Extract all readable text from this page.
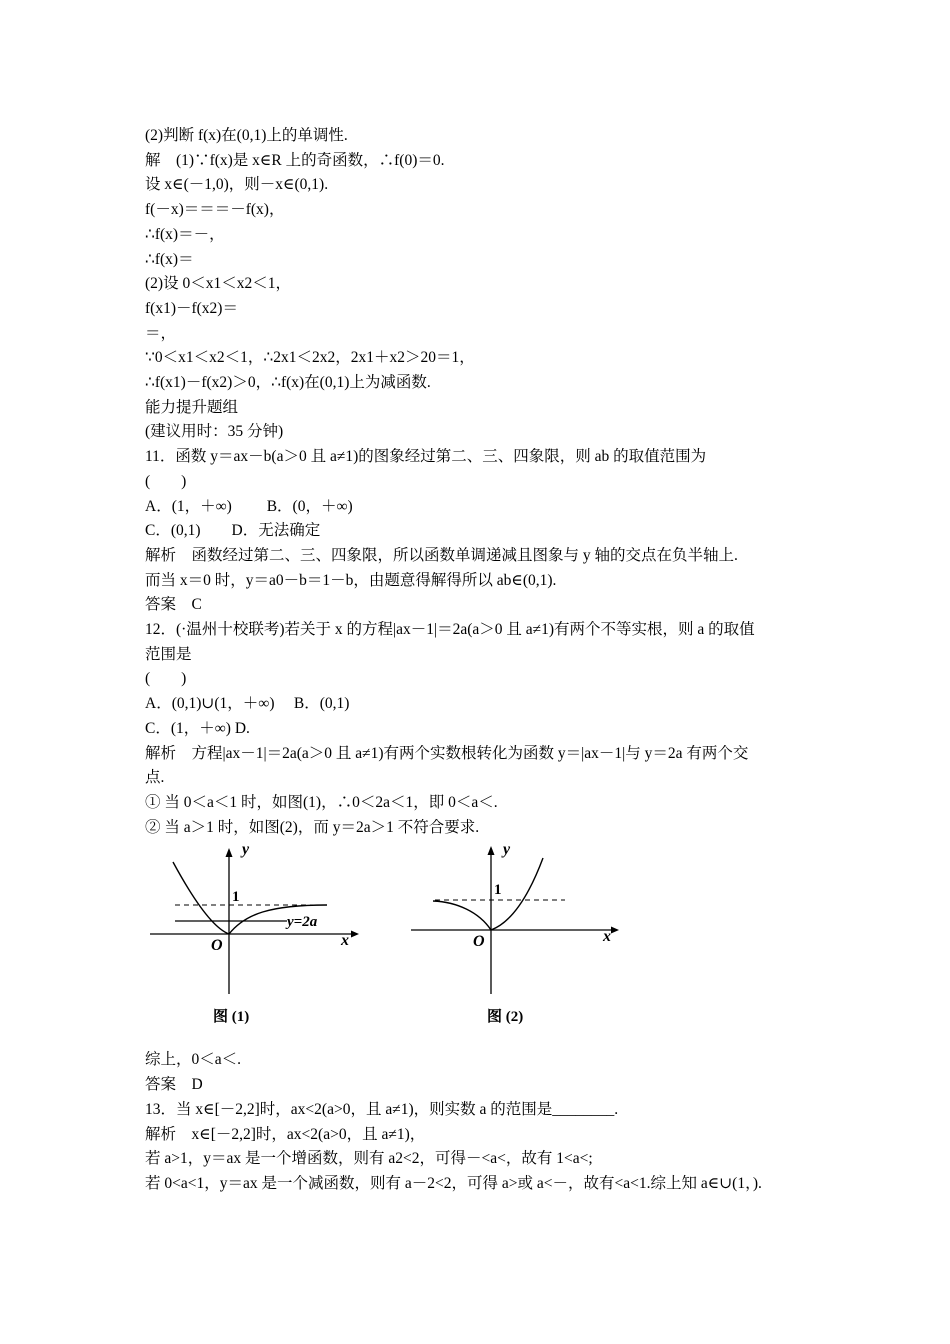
(2)判断 f(x)在(0,1)上的单调性.
解　(1)∵f(x)是 x∈R 上的奇函数，∴f(0)＝0.
设 x∈(－1,0)，则－x∈(0,1).
f(－x)＝＝＝－f(x)，
∴f(x)＝－，
∴f(x)＝
(2)设 0＜x1＜x2＜1，
f(x1)－f(x2)＝
＝，
∵0＜x1＜x2＜1，∴2x1＜2x2，2x1＋x2＞20＝1，
∴f(x1)－f(x2)＞0，∴f(x)在(0,1)上为减函数.
能力提升题组
(建议用时：35 分钟)
11．函数 y＝ax－b(a＞0 且 a≠1)的图象经过第二、三、四象限，则 ab 的取值范围为
(　　)
A．(1，＋∞)　　 B．(0，＋∞)
C．(0,1)　　D．无法确定
解析　函数经过第二、三、四象限，所以函数单调递减且图象与 y 轴的交点在负半轴上.
而当 x＝0 时，y＝a0－b＝1－b，由题意得解得所以 ab∈(0,1).
答案　C
12．(·温州十校联考)若关于 x 的方程|ax－1|＝2a(a＞0 且 a≠1)有两个不等实根，则 a 的取值
范围是
(　　)
A．(0,1)∪(1，＋∞)　 B．(0,1)
C．(1，＋∞) D.
解析　方程|ax－1|＝2a(a＞0 且 a≠1)有两个实数根转化为函数 y＝|ax－1|与 y＝2a 有两个交
点.
① 当 0＜a＜1 时，如图(1)，∴0＜2a＜1，即 0＜a＜.
② 当 a＞1 时，如图(2)，而 y＝2a＞1 不符合要求.
y
x
O
1
y=2a
图 (1)
y
x
O
1
图 (2)
综上，0＜a＜.
答案　D
13．当 x∈[－2,2]时，ax<2(a>0，且 a≠1)，则实数 a 的范围是________.
解析　x∈[－2,2]时，ax<2(a>0，且 a≠1)，
若 a>1，y＝ax 是一个增函数，则有 a2<2，可得－<a<，故有 1<a<;
若 0<a<1，y＝ax 是一个减函数，则有 a－2<2，可得 a>或 a<－，故有<a<1.综上知 a∈∪(1，).
